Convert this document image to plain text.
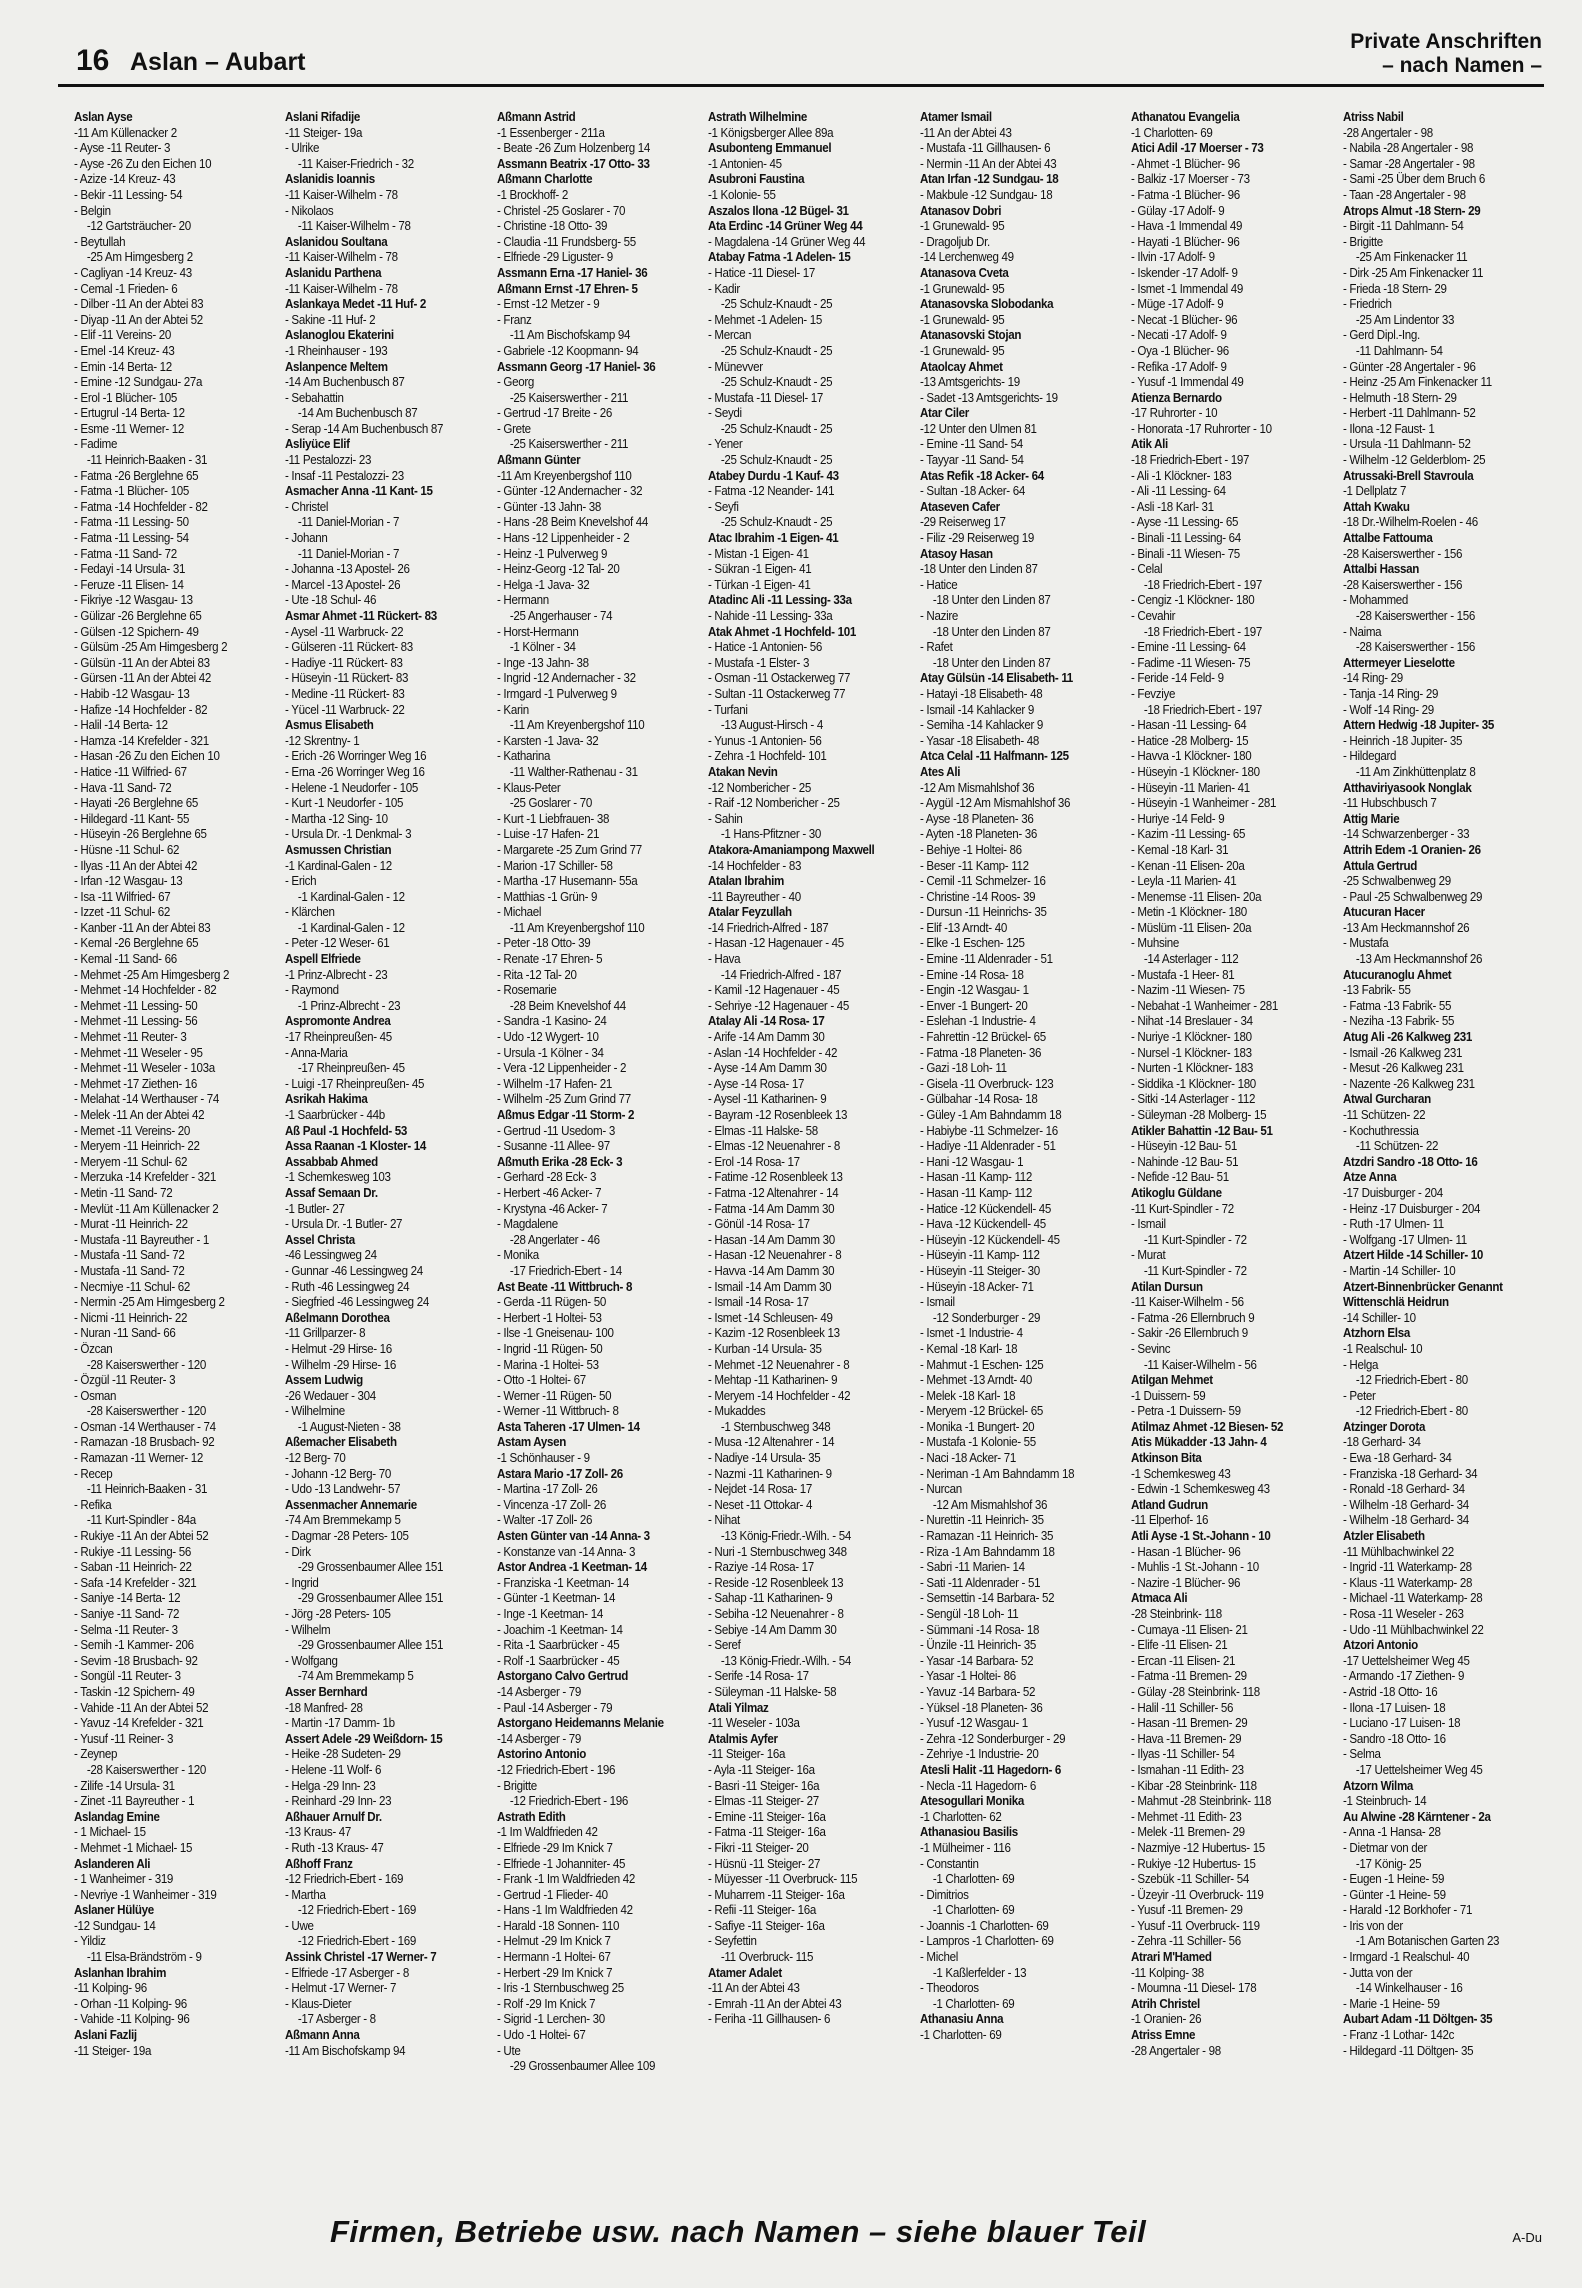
16 Aslan – Aubart
Private Anschriften
– nach Namen –
Aslan Ayse
-11 Am Küllenacker 2
- Ayse -11 Reuter- 3
- Ayse -26 Zu den Eichen 10
- Azize -14 Kreuz- 43
- Bekir -11 Lessing- 54
- Belgin
-12 Gartsträucher- 20
- Beytullah
-25 Am Himgesberg 2
- Cagliyan -14 Kreuz- 43
- Cemal -1 Frieden- 6
- Dilber -11 An der Abtei 83
- Diyap -11 An der Abtei 52
- Elif -11 Vereins- 20
- Emel -14 Kreuz- 43
- Emin -14 Berta- 12
- Emine -12 Sundgau- 27a
- Erol -1 Blücher- 105
- Ertugrul -14 Berta- 12
- Esme -11 Werner- 12
- Fadime
-11 Heinrich-Baaken - 31
- Fatma -26 Berglehne 65
- Fatma -1 Blücher- 105
- Fatma -14 Hochfelder - 82
- Fatma -11 Lessing- 50
- Fatma -11 Lessing- 54
- Fatma -11 Sand- 72
- Fedayi -14 Ursula- 31
- Feruze -11 Elisen- 14
- Fikriye -12 Wasgau- 13
- Gülizar -26 Berglehne 65
- Gülsen -12 Spichern- 49
- Gülsüm -25 Am Himgesberg 2
- Gülsün -11 An der Abtei 83
- Gürsen -11 An der Abtei 42
- Habib -12 Wasgau- 13
- Hafize -14 Hochfelder - 82
- Halil -14 Berta- 12
- Hamza -14 Krefelder - 321
- Hasan -26 Zu den Eichen 10
- Hatice -11 Wilfried- 67
- Hava -11 Sand- 72
- Hayati -26 Berglehne 65
- Hildegard -11 Kant- 55
- Hüseyin -26 Berglehne 65
- Hüsne -11 Schul- 62
- Ilyas -11 An der Abtei 42
- Irfan -12 Wasgau- 13
- Isa -11 Wilfried- 67
- Izzet -11 Schul- 62
- Kanber -11 An der Abtei 83
- Kemal -26 Berglehne 65
- Kemal -11 Sand- 66
- Mehmet -25 Am Himgesberg 2
- Mehmet -14 Hochfelder - 82
- Mehmet -11 Lessing- 50
- Mehmet -11 Lessing- 56
- Mehmet -11 Reuter- 3
- Mehmet -11 Weseler - 95
- Mehmet -11 Weseler - 103a
- Mehmet -17 Ziethen- 16
- Melahat -14 Werthauser - 74
- Melek -11 An der Abtei 42
- Memet -11 Vereins- 20
- Meryem -11 Heinrich- 22
- Meryem -11 Schul- 62
- Merzuka -14 Krefelder - 321
- Metin -11 Sand- 72
- Mevlüt -11 Am Küllenacker 2
- Murat -11 Heinrich- 22
- Mustafa -11 Bayreuther - 1
- Mustafa -11 Sand- 72
- Mustafa -11 Sand- 72
- Necmiye -11 Schul- 62
- Nermin -25 Am Himgesberg 2
- Nicmi -11 Heinrich- 22
- Nuran -11 Sand- 66
- Özcan
-28 Kaiserswerther - 120
- Özgül -11 Reuter- 3
- Osman
-28 Kaiserswerther - 120
- Osman -14 Werthauser - 74
- Ramazan -18 Brusbach- 92
- Ramazan -11 Werner- 12
- Recep
-11 Heinrich-Baaken - 31
- Refika
-11 Kurt-Spindler - 84a
- Rukiye -11 An der Abtei 52
- Rukiye -11 Lessing- 56
- Saban -11 Heinrich- 22
- Safa -14 Krefelder - 321
- Saniye -14 Berta- 12
- Saniye -11 Sand- 72
- Selma -11 Reuter- 3
- Semih -1 Kammer- 206
- Sevim -18 Brusbach- 92
- Songül -11 Reuter- 3
- Taskin -12 Spichern- 49
- Vahide -11 An der Abtei 52
- Yavuz -14 Krefelder - 321
- Yusuf -11 Reiner- 3
- Zeynep
-28 Kaiserswerther - 120
- Zilife -14 Ursula- 31
- Zinet -11 Bayreuther - 1
Aslandag Emine
- 1 Michael- 15
- Mehmet -1 Michael- 15
Aslanderen Ali
- 1 Wanheimer - 319
- Nevriye -1 Wanheimer - 319
Aslaner Hülüye
-12 Sundgau- 14
- Yildiz
-11 Elsa-Brändström - 9
Aslanhan Ibrahim
-11 Kolping- 96
- Orhan -11 Kolping- 96
- Vahide -11 Kolping- 96
Aslani Fazlij
-11 Steiger- 19a
Aslani Rifadije
-11 Steiger- 19a
- Ulrike
-11 Kaiser-Friedrich - 32
Aslanidis Ioannis
-11 Kaiser-Wilhelm - 78
- Nikolaos
-11 Kaiser-Wilhelm - 78
Aslanidou Soultana
-11 Kaiser-Wilhelm - 78
Aslanidu Parthena
-11 Kaiser-Wilhelm - 78
Aslankaya Medet -11 Huf- 2
- Sakine -11 Huf- 2
Aslanoglou Ekaterini
-1 Rheinhauser - 193
Aslanpence Meltem
-14 Am Buchenbusch 87
- Sebahattin
-14 Am Buchenbusch 87
- Serap -14 Am Buchenbusch 87
Asliyüce Elif
-11 Pestalozzi- 23
- Insaf -11 Pestalozzi- 23
Asmacher Anna -11 Kant- 15
- Christel
-11 Daniel-Morian - 7
- Johann
-11 Daniel-Morian - 7
- Johanna -13 Apostel- 26
- Marcel -13 Apostel- 26
- Ute -18 Schul- 46
Asmar Ahmet -11 Rückert- 83
- Aysel -11 Warbruck- 22
- Gülseren -11 Rückert- 83
- Hadiye -11 Rückert- 83
- Hüseyin -11 Rückert- 83
- Medine -11 Rückert- 83
- Yücel -11 Warbruck- 22
Asmus Elisabeth
-12 Skrentny- 1
- Erich -26 Worringer Weg 16
- Erna -26 Worringer Weg 16
- Helene -1 Neudorfer - 105
- Kurt -1 Neudorfer - 105
- Martha -12 Sing- 10
- Ursula Dr. -1 Denkmal- 3
Asmussen Christian
-1 Kardinal-Galen - 12
- Erich
-1 Kardinal-Galen - 12
- Klärchen
-1 Kardinal-Galen - 12
- Peter -12 Weser- 61
Aspell Elfriede
-1 Prinz-Albrecht - 23
- Raymond
-1 Prinz-Albrecht - 23
Aspromonte Andrea
-17 Rheinpreußen- 45
- Anna-Maria
-17 Rheinpreußen- 45
- Luigi -17 Rheinpreußen- 45
Asrikah Hakima
-1 Saarbrücker - 44b
Aß Paul -1 Hochfeld- 53
Assa Raanan -1 Kloster- 14
Assabbab Ahmed
-1 Schemkesweg 103
Assaf Semaan Dr.
-1 Butler- 27
- Ursula Dr. -1 Butler- 27
Assel Christa
-46 Lessingweg 24
- Gunnar -46 Lessingweg 24
- Ruth -46 Lessingweg 24
- Siegfried -46 Lessingweg 24
Aßelmann Dorothea
-11 Grillparzer- 8
- Helmut -29 Hirse- 16
- Wilhelm -29 Hirse- 16
Assem Ludwig
-26 Wedauer - 304
- Wilhelmine
-1 August-Nieten - 38
Aßemacher Elisabeth
-12 Berg- 70
- Johann -12 Berg- 70
- Udo -13 Landwehr- 57
Assenmacher Annemarie
-74 Am Bremmekamp 5
- Dagmar -28 Peters- 105
- Dirk
-29 Grossenbaumer Allee 151
- Ingrid
-29 Grossenbaumer Allee 151
- Jörg -28 Peters- 105
- Wilhelm
-29 Grossenbaumer Allee 151
- Wolfgang
-74 Am Bremmekamp 5
Asser Bernhard
-18 Manfred- 28
- Martin -17 Damm- 1b
Assert Adele -29 Weißdorn- 15
- Heike -28 Sudeten- 29
- Helene -11 Wolf- 6
- Helga -29 Inn- 23
- Reinhard -29 Inn- 23
Aßhauer Arnulf Dr.
-13 Kraus- 47
- Ruth -13 Kraus- 47
Aßhoff Franz
-12 Friedrich-Ebert - 169
- Martha
-12 Friedrich-Ebert - 169
- Uwe
-12 Friedrich-Ebert - 169
Assink Christel -17 Werner- 7
- Elfriede -17 Asberger - 8
- Helmut -17 Werner- 7
- Klaus-Dieter
-17 Asberger - 8
Aßmann Anna
-11 Am Bischofskamp 94
Aßmann Astrid
-1 Essenberger - 211a
- Beate -26 Zum Holzenberg 14
Assmann Beatrix -17 Otto- 33
Aßmann Charlotte
-1 Brockhoff- 2
- Christel -25 Goslarer - 70
- Christine -18 Otto- 39
- Claudia -11 Frundsberg- 55
- Elfriede -29 Liguster- 9
Assmann Erna -17 Haniel- 36
Aßmann Ernst -17 Ehren- 5
- Ernst -12 Metzer - 9
- Franz
-11 Am Bischofskamp 94
- Gabriele -12 Koopmann- 94
Assmann Georg -17 Haniel- 36
- Georg
-25 Kaiserswerther - 211
- Gertrud -17 Breite - 26
- Grete
-25 Kaiserswerther - 211
Aßmann Günter
-11 Am Kreyenbergshof 110
- Günter -12 Andernacher - 32
- Günter -13 Jahn- 38
- Hans -28 Beim Knevelshof 44
- Hans -12 Lippenheider - 2
- Heinz -1 Pulverweg 9
- Heinz-Georg -12 Tal- 20
- Helga -1 Java- 32
- Hermann
-25 Angerhauser - 74
- Horst-Hermann
-1 Kölner - 34
- Inge -13 Jahn- 38
- Ingrid -12 Andernacher - 32
- Irmgard -1 Pulverweg 9
- Karin
-11 Am Kreyenbergshof 110
- Karsten -1 Java- 32
- Katharina
-11 Walther-Rathenau - 31
- Klaus-Peter
-25 Goslarer - 70
- Kurt -1 Liebfrauen- 38
- Luise -17 Hafen- 21
- Margarete -25 Zum Grind 77
- Marion -17 Schiller- 58
- Martha -17 Husemann- 55a
- Matthias -1 Grün- 9
- Michael
-11 Am Kreyenbergshof 110
- Peter -18 Otto- 39
- Renate -17 Ehren- 5
- Rita -12 Tal- 20
- Rosemarie
-28 Beim Knevelshof 44
- Sandra -1 Kasino- 24
- Udo -12 Wygert- 10
- Ursula -1 Kölner - 34
- Vera -12 Lippenheider - 2
- Wilhelm -17 Hafen- 21
- Wilhelm -25 Zum Grind 77
Aßmus Edgar -11 Storm- 2
- Gertrud -11 Usedom- 3
- Susanne -11 Allee- 97
Aßmuth Erika -28 Eck- 3
- Gerhard -28 Eck- 3
- Herbert -46 Acker- 7
- Krystyna -46 Acker- 7
- Magdalene
-28 Angerlater - 46
- Monika
-17 Friedrich-Ebert - 14
Ast Beate -11 Wittbruch- 8
- Gerda -11 Rügen- 50
- Herbert -1 Holtei- 53
- Ilse -1 Gneisenau- 100
- Ingrid -11 Rügen- 50
- Marina -1 Holtei- 53
- Otto -1 Holtei- 67
- Werner -11 Rügen- 50
- Werner -11 Wittbruch- 8
Asta Taheren -17 Ulmen- 14
Astam Aysen
-1 Schönhauser - 9
Astara Mario -17 Zoll- 26
- Martina -17 Zoll- 26
- Vincenza -17 Zoll- 26
- Walter -17 Zoll- 26
Asten Günter van -14 Anna- 3
- Konstanze van -14 Anna- 3
Astor Andrea -1 Keetman- 14
- Franziska -1 Keetman- 14
- Günter -1 Keetman- 14
- Inge -1 Keetman- 14
- Joachim -1 Keetman- 14
- Rita -1 Saarbrücker - 45
- Rolf -1 Saarbrücker - 45
Astorgano Calvo Gertrud
-14 Asberger - 79
- Paul -14 Asberger - 79
Astorgano Heidemanns Melanie
-14 Asberger - 79
Astorino Antonio
-12 Friedrich-Ebert - 196
- Brigitte
-12 Friedrich-Ebert - 196
Astrath Edith
-1 Im Waldfrieden 42
- Elfriede -29 Im Knick 7
- Elfriede -1 Johanniter- 45
- Frank -1 Im Waldfrieden 42
- Gertrud -1 Flieder- 40
- Hans -1 Im Waldfrieden 42
- Harald -18 Sonnen- 110
- Helmut -29 Im Knick 7
- Hermann -1 Holtei- 67
- Herbert -29 Im Knick 7
- Iris -1 Sternbuschweg 25
- Rolf -29 Im Knick 7
- Sigrid -1 Lerchen- 30
- Udo -1 Holtei- 67
- Ute
-29 Grossenbaumer Allee 109
Astrath Wilhelmine
-1 Königsberger Allee 89a
Asubonteng Emmanuel
-1 Antonien- 45
Asubroni Faustina
-1 Kolonie- 55
Aszalos Ilona -12 Bügel- 31
Ata Erdinc -14 Grüner Weg 44
- Magdalena -14 Grüner Weg 44
Atabay Fatma -1 Adelen- 15
- Hatice -11 Diesel- 17
- Kadir
-25 Schulz-Knaudt - 25
- Mehmet -1 Adelen- 15
- Mercan
-25 Schulz-Knaudt - 25
- Münevver
-25 Schulz-Knaudt - 25
- Mustafa -11 Diesel- 17
- Seydi
-25 Schulz-Knaudt - 25
- Yener
-25 Schulz-Knaudt - 25
Atabey Durdu -1 Kauf- 43
- Fatma -12 Neander- 141
- Seyfi
-25 Schulz-Knaudt - 25
Atac Ibrahim -1 Eigen- 41
- Mistan -1 Eigen- 41
- Sükran -1 Eigen- 41
- Türkan -1 Eigen- 41
Atadinc Ali -11 Lessing- 33a
- Nahide -11 Lessing- 33a
Atak Ahmet -1 Hochfeld- 101
- Hatice -1 Antonien- 56
- Mustafa -1 Elster- 3
- Osman -11 Ostackerweg 77
- Sultan -11 Ostackerweg 77
- Turfani
-13 August-Hirsch - 4
- Yunus -1 Antonien- 56
- Zehra -1 Hochfeld- 101
Atakan Nevin
-12 Nombericher - 25
- Raif -12 Nombericher - 25
- Sahin
-1 Hans-Pfitzner - 30
Atakora-Amaniampong Maxwell
-14 Hochfelder - 83
Atalan Ibrahim
-11 Bayreuther - 40
Atalar Feyzullah
-14 Friedrich-Alfred - 187
- Hasan -12 Hagenauer - 45
- Hava
-14 Friedrich-Alfred - 187
- Kamil -12 Hagenauer - 45
- Sehriye -12 Hagenauer - 45
Atalay Ali -14 Rosa- 17
- Arife -14 Am Damm 30
- Aslan -14 Hochfelder - 42
- Ayse -14 Am Damm 30
- Ayse -14 Rosa- 17
- Aysel -11 Katharinen- 9
- Bayram -12 Rosenbleek 13
- Elmas -11 Halske- 58
- Elmas -12 Neuenahrer - 8
- Erol -14 Rosa- 17
- Fatime -12 Rosenbleek 13
- Fatma -12 Altenahrer - 14
- Fatma -14 Am Damm 30
- Gönül -14 Rosa- 17
- Hasan -14 Am Damm 30
- Hasan -12 Neuenahrer - 8
- Havva -14 Am Damm 30
- Ismail -14 Am Damm 30
- Ismail -14 Rosa- 17
- Ismet -14 Schleusen- 49
- Kazim -12 Rosenbleek 13
- Kurban -14 Ursula- 35
- Mehmet -12 Neuenahrer - 8
- Mehtap -11 Katharinen- 9
- Meryem -14 Hochfelder - 42
- Mukaddes
-1 Sternbuschweg 348
- Musa -12 Altenahrer - 14
- Nadiye -14 Ursula- 35
- Nazmi -11 Katharinen- 9
- Nejdet -14 Rosa- 17
- Neset -11 Ottokar- 4
- Nihat
-13 König-Friedr.-Wilh. - 54
- Nuri -1 Sternbuschweg 348
- Raziye -14 Rosa- 17
- Reside -12 Rosenbleek 13
- Sahap -11 Katharinen- 9
- Sebiha -12 Neuenahrer - 8
- Sebiye -14 Am Damm 30
- Seref
-13 König-Friedr.-Wilh. - 54
- Serife -14 Rosa- 17
- Süleyman -11 Halske- 58
Atali Yilmaz
-11 Weseler - 103a
Atalmis Ayfer
-11 Steiger- 16a
- Ayla -11 Steiger- 16a
- Basri -11 Steiger- 16a
- Elmas -11 Steiger- 27
- Emine -11 Steiger- 16a
- Fatma -11 Steiger- 16a
- Fikri -11 Steiger- 20
- Hüsnü -11 Steiger- 27
- Müyesser -11 Overbruck- 115
- Muharrem -11 Steiger- 16a
- Refii -11 Steiger- 16a
- Safiye -11 Steiger- 16a
- Seyfettin
-11 Overbruck- 115
Atamer Adalet
-11 An der Abtei 43
- Emrah -11 An der Abtei 43
- Feriha -11 Gillhausen- 6
Atamer Ismail
-11 An der Abtei 43
- Mustafa -11 Gillhausen- 6
- Nermin -11 An der Abtei 43
Atan Irfan -12 Sundgau- 18
- Makbule -12 Sundgau- 18
Atanasov Dobri
-1 Grunewald- 95
- Dragoljub Dr.
-14 Lerchenweg 49
Atanasova Cveta
-1 Grunewald- 95
Atanasovska Slobodanka
-1 Grunewald- 95
Atanasovski Stojan
-1 Grunewald- 95
Ataolcay Ahmet
-13 Amtsgerichts- 19
- Sadet -13 Amtsgerichts- 19
Atar Ciler
-12 Unter den Ulmen 81
- Emine -11 Sand- 54
- Tayyar -11 Sand- 54
Atas Refik -18 Acker- 64
- Sultan -18 Acker- 64
Ataseven Cafer
-29 Reiserweg 17
- Filiz -29 Reiserweg 19
Atasoy Hasan
-18 Unter den Linden 87
- Hatice
-18 Unter den Linden 87
- Nazire
-18 Unter den Linden 87
- Rafet
-18 Unter den Linden 87
Atay Gülsün -14 Elisabeth- 11
- Hatayi -18 Elisabeth- 48
- Ismail -14 Kahlacker 9
- Semiha -14 Kahlacker 9
- Yasar -18 Elisabeth- 48
Atca Celal -11 Halfmann- 125
Ates Ali
-12 Am Mismahlshof 36
- Aygül -12 Am Mismahlshof 36
- Ayse -18 Planeten- 36
- Ayten -18 Planeten- 36
- Behiye -1 Holtei- 86
- Beser -11 Kamp- 112
- Cemil -11 Schmelzer- 16
- Christine -14 Roos- 39
- Dursun -11 Heinrichs- 35
- Elif -13 Arndt- 40
- Elke -1 Eschen- 125
- Emine -11 Aldenrader - 51
- Emine -14 Rosa- 18
- Engin -12 Wasgau- 1
- Enver -1 Bungert- 20
- Eslehan -1 Industrie- 4
- Fahrettin -12 Brückel- 65
- Fatma -18 Planeten- 36
- Gazi -18 Loh- 11
- Gisela -11 Overbruck- 123
- Gülbahar -14 Rosa- 18
- Güley -1 Am Bahndamm 18
- Habiybe -11 Schmelzer- 16
- Hadiye -11 Aldenrader - 51
- Hani -12 Wasgau- 1
- Hasan -11 Kamp- 112
- Hasan -11 Kamp- 112
- Hatice -12 Kückendell- 45
- Hava -12 Kückendell- 45
- Hüseyin -12 Kückendell- 45
- Hüseyin -11 Kamp- 112
- Hüseyin -11 Steiger- 30
- Hüseyin -18 Acker- 71
- Ismail
-12 Sonderburger - 29
- Ismet -1 Industrie- 4
- Kemal -18 Karl- 18
- Mahmut -1 Eschen- 125
- Mehmet -13 Arndt- 40
- Melek -18 Karl- 18
- Meryem -12 Brückel- 65
- Monika -1 Bungert- 20
- Mustafa -1 Kolonie- 55
- Naci -18 Acker- 71
- Neriman -1 Am Bahndamm 18
- Nurcan
-12 Am Mismahlshof 36
- Nurettin -11 Heinrich- 35
- Ramazan -11 Heinrich- 35
- Riza -1 Am Bahndamm 18
- Sabri -11 Marien- 14
- Sati -11 Aldenrader - 51
- Semsettin -14 Barbara- 52
- Sengül -18 Loh- 11
- Sümmani -14 Rosa- 18
- Ünzile -11 Heinrich- 35
- Yasar -14 Barbara- 52
- Yasar -1 Holtei- 86
- Yavuz -14 Barbara- 52
- Yüksel -18 Planeten- 36
- Yusuf -12 Wasgau- 1
- Zehra -12 Sonderburger - 29
- Zehriye -1 Industrie- 20
Atesli Halit -11 Hagedorn- 6
- Necla -11 Hagedorn- 6
Atesogullari Monika
-1 Charlotten- 62
Athanasiou Basilis
-1 Mülheimer - 116
- Constantin
-1 Charlotten- 69
- Dimitrios
-1 Charlotten- 69
- Joannis -1 Charlotten- 69
- Lampros -1 Charlotten- 69
- Michel
-1 Kaßlerfelder - 13
- Theodoros
-1 Charlotten- 69
Athanasiu Anna
-1 Charlotten- 69
Athanatou Evangelia
-1 Charlotten- 69
Atici Adil -17 Moerser - 73
- Ahmet -1 Blücher- 96
- Balkiz -17 Moerser - 73
- Fatma -1 Blücher- 96
- Gülay -17 Adolf- 9
- Hava -1 Immendal 49
- Hayati -1 Blücher- 96
- Ilvin -17 Adolf- 9
- Iskender -17 Adolf- 9
- Ismet -1 Immendal 49
- Müge -17 Adolf- 9
- Necat -1 Blücher- 96
- Necati -17 Adolf- 9
- Oya -1 Blücher- 96
- Refika -17 Adolf- 9
- Yusuf -1 Immendal 49
Atienza Bernardo
-17 Ruhrorter - 10
- Honorata -17 Ruhrorter - 10
Atik Ali
-18 Friedrich-Ebert - 197
- Ali -1 Klöckner- 183
- Ali -11 Lessing- 64
- Asli -18 Karl- 31
- Ayse -11 Lessing- 65
- Binali -11 Lessing- 64
- Binali -11 Wiesen- 75
- Celal
-18 Friedrich-Ebert - 197
- Cengiz -1 Klöckner- 180
- Cevahir
-18 Friedrich-Ebert - 197
- Emine -11 Lessing- 64
- Fadime -11 Wiesen- 75
- Feride -14 Feld- 9
- Fevziye
-18 Friedrich-Ebert - 197
- Hasan -11 Lessing- 64
- Hatice -28 Molberg- 15
- Havva -1 Klöckner- 180
- Hüseyin -1 Klöckner- 180
- Hüseyin -11 Marien- 41
- Hüseyin -1 Wanheimer - 281
- Huriye -14 Feld- 9
- Kazim -11 Lessing- 65
- Kemal -18 Karl- 31
- Kenan -11 Elisen- 20a
- Leyla -11 Marien- 41
- Menemse -11 Elisen- 20a
- Metin -1 Klöckner- 180
- Müslüm -11 Elisen- 20a
- Muhsine
-14 Asterlager - 112
- Mustafa -1 Heer- 81
- Nazim -11 Wiesen- 75
- Nebahat -1 Wanheimer - 281
- Nihat -14 Breslauer - 34
- Nuriye -1 Klöckner- 180
- Nursel -1 Klöckner- 183
- Nurten -1 Klöckner- 183
- Siddika -1 Klöckner- 180
- Sitki -14 Asterlager - 112
- Süleyman -28 Molberg- 15
Atikler Bahattin -12 Bau- 51
- Hüseyin -12 Bau- 51
- Nahinde -12 Bau- 51
- Nefide -12 Bau- 51
Atikoglu Güldane
-11 Kurt-Spindler - 72
- Ismail
-11 Kurt-Spindler - 72
- Murat
-11 Kurt-Spindler - 72
Atilan Dursun
-11 Kaiser-Wilhelm - 56
- Fatma -26 Ellernbruch 9
- Sakir -26 Ellernbruch 9
- Sevinc
-11 Kaiser-Wilhelm - 56
Atilgan Mehmet
-1 Duissern- 59
- Petra -1 Duissern- 59
Atilmaz Ahmet -12 Biesen- 52
Atis Mükadder -13 Jahn- 4
Atkinson Bita
-1 Schemkesweg 43
- Edwin -1 Schemkesweg 43
Atland Gudrun
-11 Elperhof- 16
Atli Ayse -1 St.-Johann - 10
- Hasan -1 Blücher- 96
- Muhlis -1 St.-Johann - 10
- Nazire -1 Blücher- 96
Atmaca Ali
-28 Steinbrink- 118
- Cumaya -11 Elisen- 21
- Elife -11 Elisen- 21
- Ercan -11 Elisen- 21
- Fatma -11 Bremen- 29
- Gülay -28 Steinbrink- 118
- Halil -11 Schiller- 56
- Hasan -11 Bremen- 29
- Hava -11 Bremen- 29
- Ilyas -11 Schiller- 54
- Ismahan -11 Edith- 23
- Kibar -28 Steinbrink- 118
- Mahmut -28 Steinbrink- 118
- Mehmet -11 Edith- 23
- Melek -11 Bremen- 29
- Nazmiye -12 Hubertus- 15
- Rukiye -12 Hubertus- 15
- Szebük -11 Schiller- 54
- Üzeyir -11 Overbruck- 119
- Yusuf -11 Bremen- 29
- Yusuf -11 Overbruck- 119
- Zehra -11 Schiller- 56
Atrari M'Hamed
-11 Kolping- 38
- Moumna -11 Diesel- 178
Atrih Christel
-1 Oranien- 26
Atriss Emne
-28 Angertaler - 98
Atriss Nabil
-28 Angertaler - 98
- Nabila -28 Angertaler - 98
- Samar -28 Angertaler - 98
- Sami -25 Über dem Bruch 6
- Taan -28 Angertaler - 98
Atrops Almut -18 Stern- 29
- Birgit -11 Dahlmann- 54
- Brigitte
-25 Am Finkenacker 11
- Dirk -25 Am Finkenacker 11
- Frieda -18 Stern- 29
- Friedrich
-25 Am Lindentor 33
- Gerd Dipl.-Ing.
-11 Dahlmann- 54
- Günter -28 Angertaler - 96
- Heinz -25 Am Finkenacker 11
- Helmuth -18 Stern- 29
- Herbert -11 Dahlmann- 52
- Ilona -12 Faust- 1
- Ursula -11 Dahlmann- 52
- Wilhelm -12 Gelderblom- 25
Atrussaki-Brell Stavroula
-1 Dellplatz 7
Attah Kwaku
-18 Dr.-Wilhelm-Roelen - 46
Attalbe Fattouma
-28 Kaiserswerther - 156
Attalbi Hassan
-28 Kaiserswerther - 156
- Mohammed
-28 Kaiserswerther - 156
- Naima
-28 Kaiserswerther - 156
Attermeyer Lieselotte
-14 Ring- 29
- Tanja -14 Ring- 29
- Wolf -14 Ring- 29
Attern Hedwig -18 Jupiter- 35
- Heinrich -18 Jupiter- 35
- Hildegard
-11 Am Zinkhüttenplatz 8
Atthaviriyasook Nonglak
-11 Hubschbusch 7
Attig Marie
-14 Schwarzenberger - 33
Attrih Edem -1 Oranien- 26
Attula Gertrud
-25 Schwalbenweg 29
- Paul -25 Schwalbenweg 29
Atucuran Hacer
-13 Am Heckmannshof 26
- Mustafa
-13 Am Heckmannshof 26
Atucuranoglu Ahmet
-13 Fabrik- 55
- Fatma -13 Fabrik- 55
- Neziha -13 Fabrik- 55
Atug Ali -26 Kalkweg 231
- Ismail -26 Kalkweg 231
- Mesut -26 Kalkweg 231
- Nazente -26 Kalkweg 231
Atwal Gurcharan
-11 Schützen- 22
- Kochuthressia
-11 Schützen- 22
Atzdri Sandro -18 Otto- 16
Atze Anna
-17 Duisburger - 204
- Heinz -17 Duisburger - 204
- Ruth -17 Ulmen- 11
- Wolfgang -17 Ulmen- 11
Atzert Hilde -14 Schiller- 10
- Martin -14 Schiller- 10
Atzert-Binnenbrücker Genannt
Wittenschlä Heidrun
-14 Schiller- 10
Atzhorn Elsa
-1 Realschul- 10
- Helga
-12 Friedrich-Ebert - 80
- Peter
-12 Friedrich-Ebert - 80
Atzinger Dorota
-18 Gerhard- 34
- Ewa -18 Gerhard- 34
- Franziska -18 Gerhard- 34
- Ronald -18 Gerhard- 34
- Wilhelm -18 Gerhard- 34
- Wilhelm -18 Gerhard- 34
Atzler Elisabeth
-11 Mühlbachwinkel 22
- Ingrid -11 Waterkamp- 28
- Klaus -11 Waterkamp- 28
- Michael -11 Waterkamp- 28
- Rosa -11 Weseler - 263
- Udo -11 Mühlbachwinkel 22
Atzori Antonio
-17 Uettelsheimer Weg 45
- Armando -17 Ziethen- 9
- Astrid -18 Otto- 16
- Ilona -17 Luisen- 18
- Luciano -17 Luisen- 18
- Sandro -18 Otto- 16
- Selma
-17 Uettelsheimer Weg 45
Atzorn Wilma
-1 Steinbruch- 14
Au Alwine -28 Kärntener - 2a
- Anna -1 Hansa- 28
- Dietmar von der
-17 König- 25
- Eugen -1 Heine- 59
- Günter -1 Heine- 59
- Harald -12 Borkhofer - 71
- Iris von der
-1 Am Botanischen Garten 23
- Irmgard -1 Realschul- 40
- Jutta von der
-14 Winkelhauser - 16
- Marie -1 Heine- 59
Aubart Adam -11 Döltgen- 35
- Franz -1 Lothar- 142c
- Hildegard -11 Döltgen- 35
Firmen, Betriebe usw. nach Namen – siehe blauer Teil	A-Du
